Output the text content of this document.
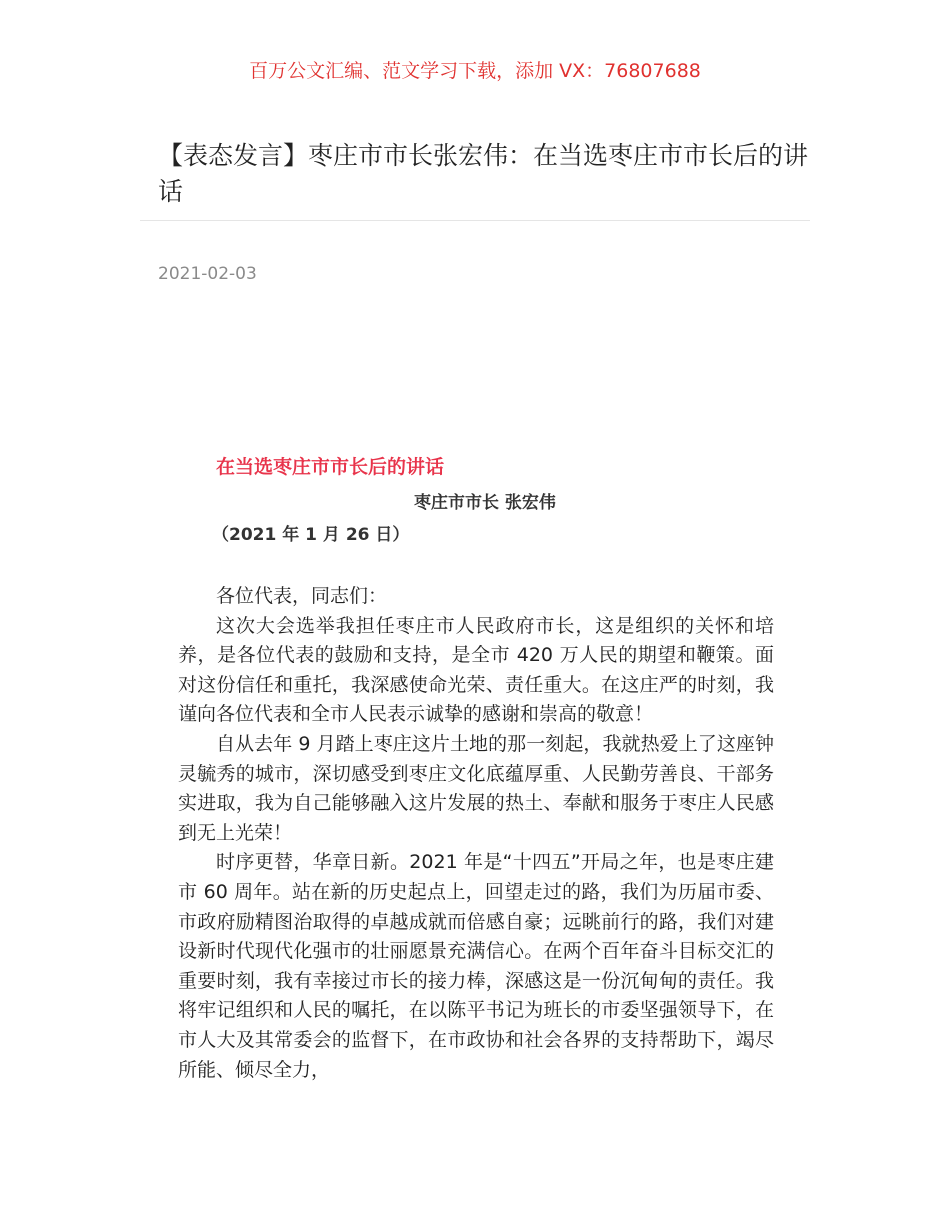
百万公文汇编、范文学习下载，添加 VX：76807688
【表态发言】枣庄市市长张宏伟：在当选枣庄市市长后的讲话
2021-02-03
在当选枣庄市市长后的讲话
枣庄市市长 张宏伟
（2021 年 1 月 26 日）

各位代表，同志们：

这次大会选举我担任枣庄市人民政府市长，这是组织的关怀和培养，是各位代表的鼓励和支持，是全市 420 万人民的期望和鞭策。面对这份信任和重托，我深感使命光荣、责任重大。在这庄严的时刻，我谨向各位代表和全市人民表示诚挚的感谢和崇高的敬意！

自从去年 9 月踏上枣庄这片土地的那一刻起，我就热爱上了这座钟灵毓秀的城市，深切感受到枣庄文化底蕴厚重、人民勤劳善良、干部务实进取，我为自己能够融入这片发展的热土、奉献和服务于枣庄人民感到无上光荣！

时序更替，华章日新。2021 年是“十四五”开局之年，也是枣庄建市 60 周年。站在新的历史起点上，回望走过的路，我们为历届市委、市政府励精图治取得的卓越成就而倍感自豪；远眺前行的路，我们对建设新时代现代化强市的壮丽愿景充满信心。在两个百年奋斗目标交汇的重要时刻，我有幸接过市长的接力棒，深感这是一份沉甸甸的责任。我将牢记组织和人民的嘱托，在以陈平书记为班长的市委坚强领导下，在市人大及其常委会的监督下，在市政协和社会各界的支持帮助下，竭尽所能、倾尽全力，
